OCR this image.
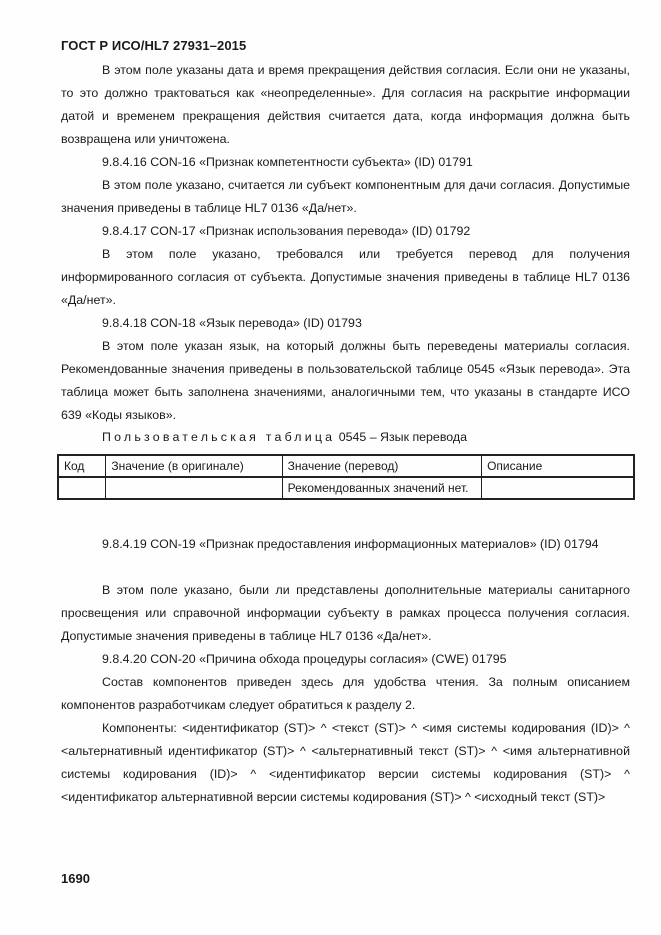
ГОСТ Р ИСО/HL7 27931–2015

В этом поле указаны дата и время прекращения действия согласия. Если они не указаны, то это должно трактоваться как «неопределенные». Для согласия на раскрытие информации датой и временем прекращения действия считается дата, когда информация должна быть возвращена или уничтожена.

9.8.4.16 CON-16 «Признак компетентности субъекта» (ID) 01791

В этом поле указано, считается ли субъект компонентным для дачи согласия. Допустимые значения приведены в таблице HL7 0136 «Да/нет».

9.8.4.17 CON-17 «Признак использования перевода» (ID) 01792

В этом поле указано, требовался или требуется перевод для получения информированного согласия от субъекта. Допустимые значения приведены в таблице HL7 0136 «Да/нет».

9.8.4.18 CON-18 «Язык перевода» (ID) 01793

В этом поле указан язык, на который должны быть переведены материалы согласия. Рекомендованные значения приведены в пользовательской таблице 0545 «Язык перевода». Эта таблица может быть заполнена значениями, аналогичными тем, что указаны в стандарте ИСО 639 «Коды языков».

Пользовательская таблица 0545 – Язык перевода
Код	Значение (в оригинале)	Значение (перевод)	Описание
		Рекомендованных значений нет.	

9.8.4.19 CON-19 «Признак предоставления информационных материалов» (ID) 01794

В этом поле указано, были ли представлены дополнительные материалы санитарного просвещения или справочной информации субъекту в рамках процесса получения согласия. Допустимые значения приведены в таблице HL7 0136 «Да/нет».

9.8.4.20 CON-20 «Причина обхода процедуры согласия» (CWE) 01795

Состав компонентов приведен здесь для удобства чтения. За полным описанием компонентов разработчикам следует обратиться к разделу 2.

Компоненты: <идентификатор (ST)> ^ <текст (ST)> ^ <имя системы кодирования (ID)> ^ <альтернативный идентификатор (ST)> ^ <альтернативный текст (ST)> ^ <имя альтернативной системы кодирования (ID)> ^ <идентификатор версии системы кодирования (ST)> ^ <идентификатор альтернативной версии системы кодирования (ST)> ^ <исходный текст (ST)>

1690
